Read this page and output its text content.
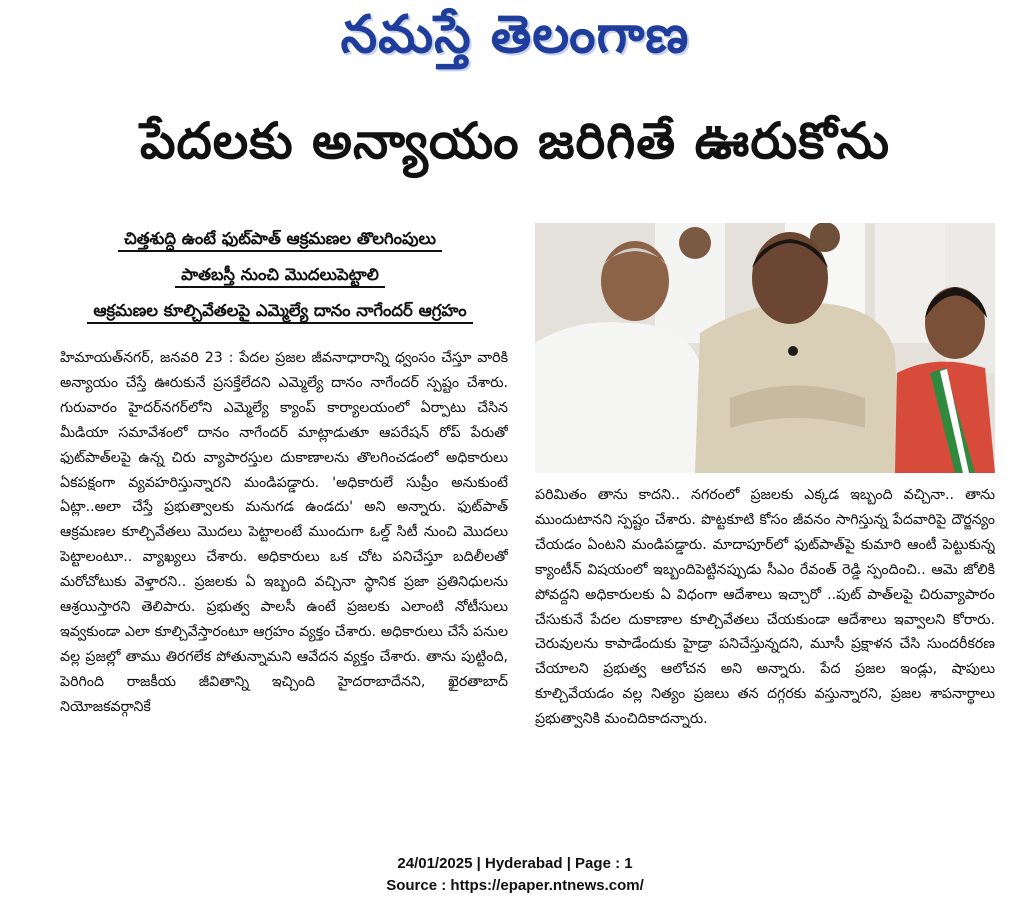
నమస్తే తెలంగాణ
పేదలకు అన్యాయం జరిగితే ఊరుకోను
చిత్తశుద్ధి ఉంటే ఫుట్‌పాత్ ఆక్రమణల తొలగింపులు
పాతబస్తీ నుంచి మొదలుపెట్టాలి
ఆక్రమణల కూల్చివేతలపై ఎమ్మెల్యే దానం నాగేందర్ ఆగ్రహం

హిమాయత్‌నగర్, జనవరి 23 : పేదల ప్రజల జీవనాధారాన్ని ధ్వంసం చేస్తూ వారికి అన్యాయం చేస్తే ఊరుకునే ప్రసక్తేలేదని ఎమ్మెల్యే దానం నాగేందర్ స్పష్టం చేశారు. గురువారం హైదర్‌నగర్‌లోని ఎమ్మెల్యే క్యాంప్ కార్యాలయంలో ఏర్పాటు చేసిన మీడియా సమావేశంలో దానం నాగేందర్ మాట్లాడుతూ ఆపరేషన్ రోప్ పేరుతో ఫుట్‌పాత్‌లపై ఉన్న చిరు వ్యాపారస్తుల దుకాణాలను తొలగించడంలో అధికారులు ఏకపక్షంగా వ్యవహరిస్తున్నారని మండిపడ్డారు. 'అధికారులే సుప్రీం అనుకుంటే ఏట్లా..అలా చేస్తే ప్రభుత్వాలకు మనుగడ ఉండదు' అని అన్నారు. ఫుట్‌పాత్ ఆక్రమణల కూల్చివేతలు మొదలు పెట్టాలంటే ముందుగా ఓల్డ్ సిటీ నుంచి మొదలు పెట్టాలంటూ.. వ్యాఖ్యలు చేశారు. అధికారులు ఒక చోట పనిచేస్తూ బదిలీలతో మరోచోటుకు వెళ్తారని.. ప్రజలకు ఏ ఇబ్బంది వచ్చినా స్థానిక ప్రజా ప్రతినిధులను ఆశ్రయిస్తారని తెలిపారు. ప్రభుత్వ పాలసీ ఉంటే ప్రజలకు ఎలాంటి నోటీసులు ఇవ్వకుండా ఎలా కూల్చివేస్తారంటూ ఆగ్రహం వ్యక్తం చేశారు. అధికారులు చేసే పనుల వల్ల ప్రజల్లో తాము తిరగలేక పోతున్నామని ఆవేదన వ్యక్తం చేశారు. తాను పుట్టింది, పెరిగింది రాజకీయ జీవితాన్ని ఇచ్చింది హైదరాబాదేనని, ఖైరతాబాద్ నియోజకవర్గానికే

పరిమితం తాను కాదని.. నగరంలో ప్రజలకు ఎక్కడ ఇబ్బంది వచ్చినా.. తాను ముందుటానని స్పష్టం చేశారు. పొట్టకూటి కోసం జీవనం సాగిస్తున్న పేదవారిపై దౌర్జన్యం చేయడం ఏంటని మండిపడ్డారు. మాదాపూర్‌లో ఫుట్‌పాత్‌పై కుమారి ఆంటీ పెట్టుకున్న క్యాంటీన్ విషయంలో ఇబ్బందిపెట్టినప్పుడు సీఎం రేవంత్ రెడ్డి స్పందించి.. ఆమె జోలికి పోవద్దని అధికారులకు ఏ విధంగా ఆదేశాలు ఇచ్చారో ..పుట్ పాత్‌లపై చిరువ్యాపారం చేసుకునే పేదల దుకాణాల కూల్చివేతలు చేయకుండా ఆదేశాలు ఇవ్వాలని కోరారు. చెరువులను కాపాడేందుకు హైడ్రా పనిచేస్తున్నదని, మూసీ ప్రక్షాళన చేసి సుందరీకరణ చేయాలని ప్రభుత్వ ఆలోచన అని అన్నారు. పేద ప్రజల ఇండ్లు, షాపులు కూల్చివేయడం వల్ల నిత్యం ప్రజలు తన దగ్గరకు వస్తున్నారని, ప్రజల శాపనార్థాలు ప్రభుత్వానికి మంచిదికాదన్నారు.

24/01/2025 | Hyderabad | Page : 1
Source : https://epaper.ntnews.com/
